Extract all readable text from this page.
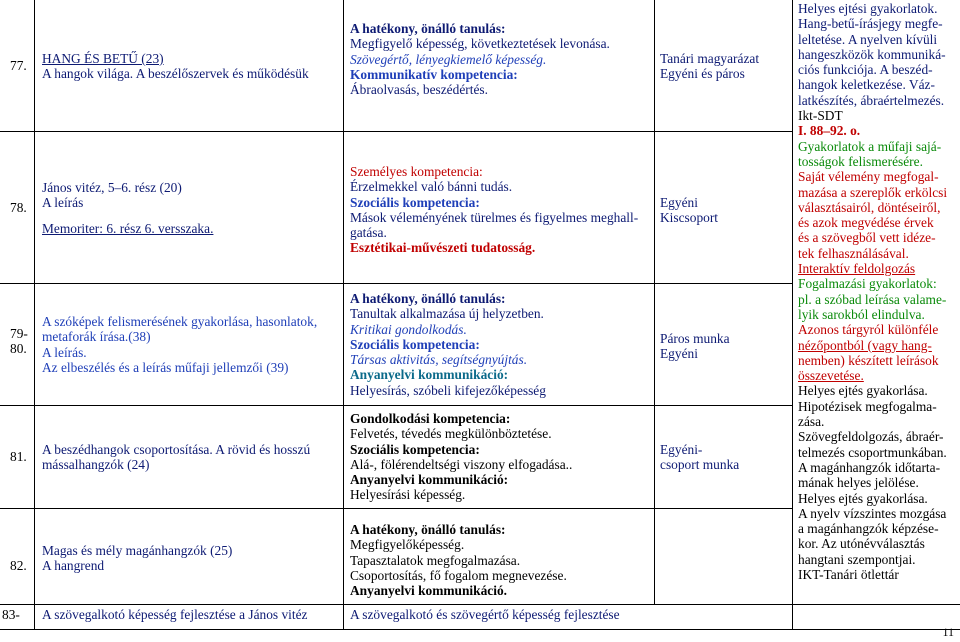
77.
78.
79-
80.
81.
82.
83-
HANG ÉS BETŰ (23)
A hangok világa. A beszélőszervek és működésük
János vitéz, 5–6. rész (20)
A leírás
Memoriter: 6. rész 6. versszaka.
A szóképek felismerésének gyakorlása, hasonlatok,
metaforák írása.(38)
A leírás.
Az elbeszélés és a leírás műfaji jellemzői (39)
A beszédhangok csoportosítása. A rövid és hosszú
mássalhangzók (24)
Magas és mély magánhangzók (25)
A hangrend
A szövegalkotó képesség fejlesztése a János vitéz
A hatékony, önálló tanulás:
Megfigyelő képesség, következtetések levonása.
Szövegértő, lényegkiemelő képesség.
Kommunikatív kompetencia:
Ábraolvasás, beszédértés.
Személyes kompetencia:
Érzelmekkel való bánni tudás.
Szociális kompetencia:
Mások véleményének türelmes és figyelmes meghall-
gatása.
Esztétikai-művészeti tudatosság.
A hatékony, önálló tanulás:
Tanultak alkalmazása új helyzetben.
Kritikai gondolkodás.
Szociális kompetencia:
Társas aktivitás, segítségnyújtás.
Anyanyelvi kommunikáció:
Helyesírás, szóbeli kifejezőképesség
Gondolkodási kompetencia:
Felvetés, tévedés megkülönböztetése.
Szociális kompetencia:
Alá-, fölérendeltségi viszony elfogadása..
Anyanyelvi kommunikáció:
Helyesírási képesség.
A hatékony, önálló tanulás:
Megfigyelőképesség.
Tapasztalatok megfogalmazása.
Csoportosítás, fő fogalom megnevezése.
Anyanyelvi kommunikáció.
A szövegalkotó és szövegértő képesség fejlesztése
Tanári magyarázat
Egyéni és páros
Egyéni
Kiscsoport
Páros munka
Egyéni
Egyéni-
csoport munka
Helyes ejtési gyakorlatok.
Hang-betű-írásjegy megfe-
leltetése. A nyelven kívüli
hangeszközök kommuniká-
ciós funkciója. A beszéd-
hangok keletkezése. Váz-
latkészítés, ábraértelmezés.
Ikt-SDT
I. 88–92. o.
Gyakorlatok a műfaji sajá-
tosságok felismerésére.
Saját vélemény megfogal-
mazása a szereplők erkölcsi
választásairól, döntéseiről,
és azok megvédése érvek
és a szövegből vett idéze-
tek felhasználásával.
Interaktív feldolgozás
Fogalmazási gyakorlatok:
pl. a szóbad leírása valame-
lyik sarokból elindulva.
Azonos tárgyról különféle
nézőpontból (vagy hang-
nemben) készített leírások
összevetése.
Helyes ejtés gyakorlása.
Hipotézisek megfogalma-
zása.
Szövegfeldolgozás, ábraér-
telmezés csoportmunkában.
A magánhangzók időtarta-
mának helyes jelölése.
Helyes ejtés gyakorlása.
A nyelv vízszintes mozgása
a magánhangzók képzése-
kor. Az utónévválasztás
hangtani szempontjai.
IKT-Tanári ötlettár
11
